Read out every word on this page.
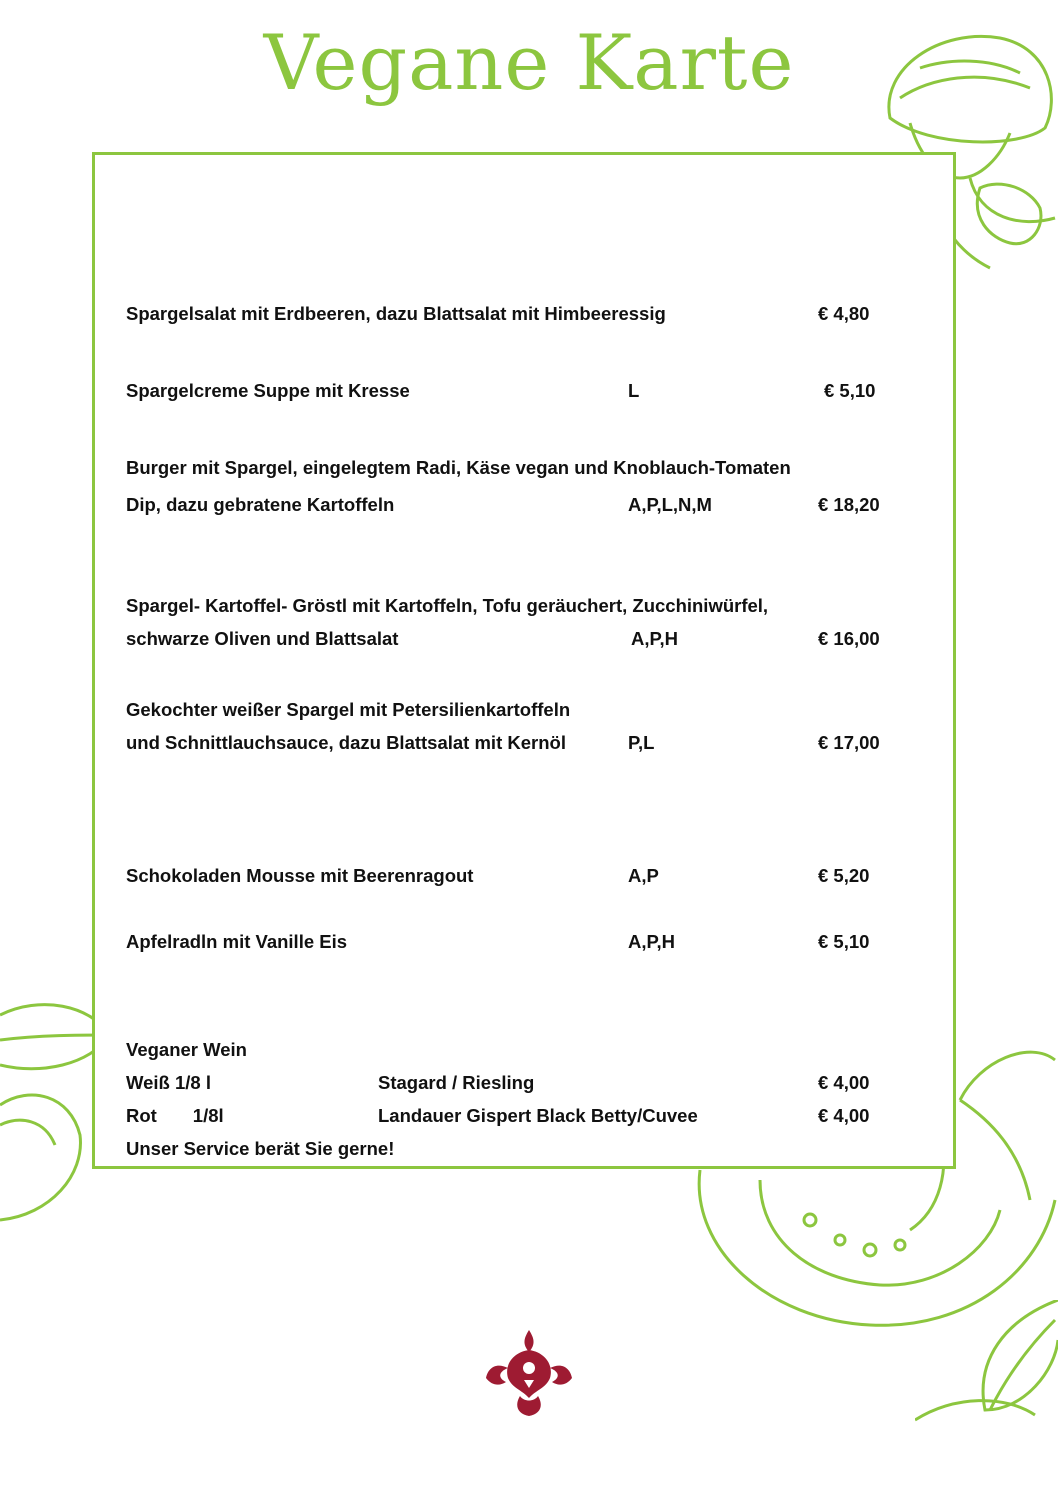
Vegane Karte
Spargelsalat mit Erdbeeren, dazu Blattsalat mit Himbeeressig	€ 4,80
Spargelcreme Suppe mit Kresse	L	€ 5,10
Burger mit Spargel, eingelegtem Radi, Käse vegan und Knoblauch-Tomaten
Dip, dazu gebratene Kartoffeln	A,P,L,N,M	€ 18,20
Spargel- Kartoffel- Gröstl mit Kartoffeln, Tofu geräuchert, Zucchiniwürfel,
schwarze Oliven und Blattsalat	A,P,H	€ 16,00
Gekochter weißer Spargel mit Petersilienkartoffeln
und Schnittlauchsauce, dazu Blattsalat mit Kernöl	P,L	€ 17,00
Schokoladen Mousse mit Beerenragout	A,P	€ 5,20
Apfelradln mit Vanille Eis	A,P,H	€ 5,10
Veganer Wein
Weiß 1/8 l	Stagard / Riesling	€ 4,00
Rot       1/8l	Landauer Gispert Black Betty/Cuvee	€ 4,00
Unser Service berät Sie gerne!
